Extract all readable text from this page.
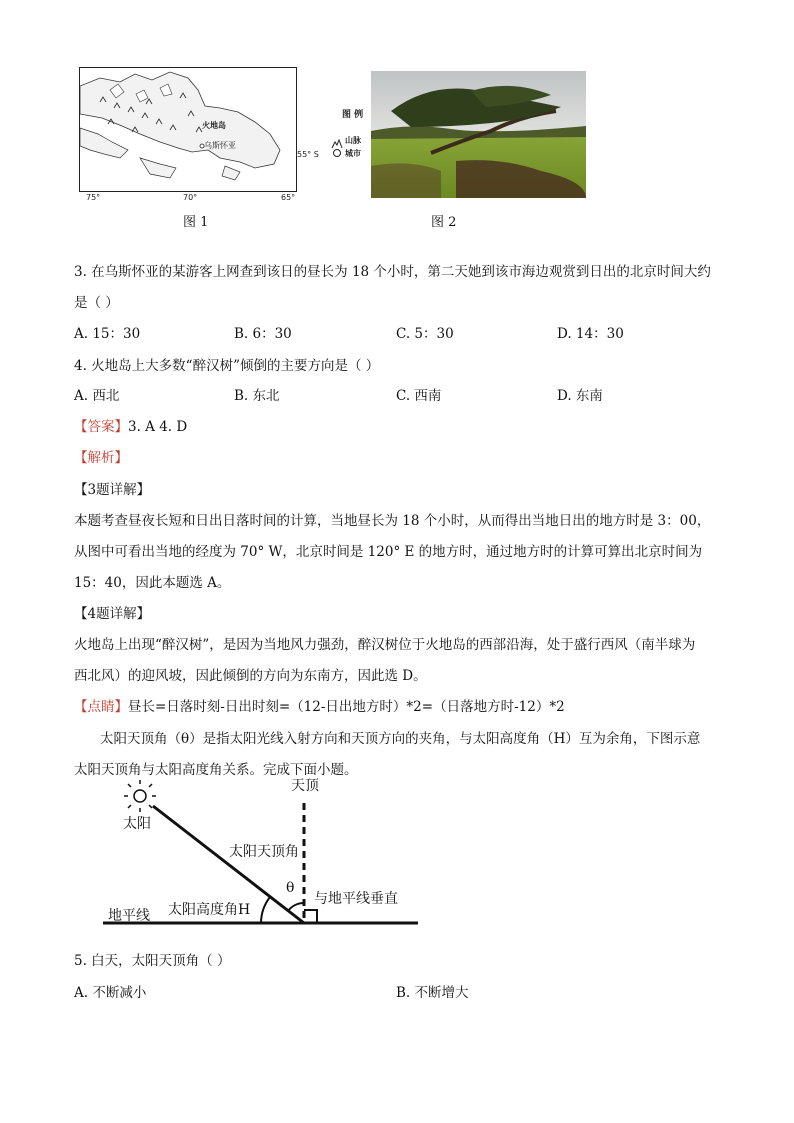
火地岛
乌斯怀亚
75°	70°	65°
55° S
图 1
图 例
山脉
城市
图 2
3. 在乌斯怀亚的某游客上网查到该日的昼长为 18 个小时，第二天她到该市海边观赏到日出的北京时间大约
是（ ）
A. 15：30	B. 6：30	C. 5：30	D. 14：30
4. 火地岛上大多数“醉汉树”倾倒的主要方向是（ ）
A. 西北	B. 东北	C. 西南	D. 东南
【答案】3. A 4. D
【解析】
【3题详解】
本题考查昼夜长短和日出日落时间的计算，当地昼长为 18 个小时，从而得出当地日出的地方时是 3：00，
从图中可看出当地的经度为 70° W，北京时间是 120° E 的地方时，通过地方时的计算可算出北京时间为
15：40，因此本题选 A。
【4题详解】
火地岛上出现“醉汉树”，是因为当地风力强劲，醉汉树位于火地岛的西部沿海，处于盛行西风（南半球为
西北风）的迎风坡，因此倾倒的方向为东南方，因此选 D。
【点睛】昼长=日落时刻-日出时刻=（12-日出地方时）*2=（日落地方时-12）*2
太阳天顶角（θ）是指太阳光线入射方向和天顶方向的夹角，与太阳高度角（H）互为余角，下图示意
太阳天顶角与太阳高度角关系。完成下面小题。
天顶
太阳
太阳天顶角
θ
与地平线垂直
地平线 太阳高度角H
5. 白天，太阳天顶角（ ）
A. 不断减小	B. 不断增大
